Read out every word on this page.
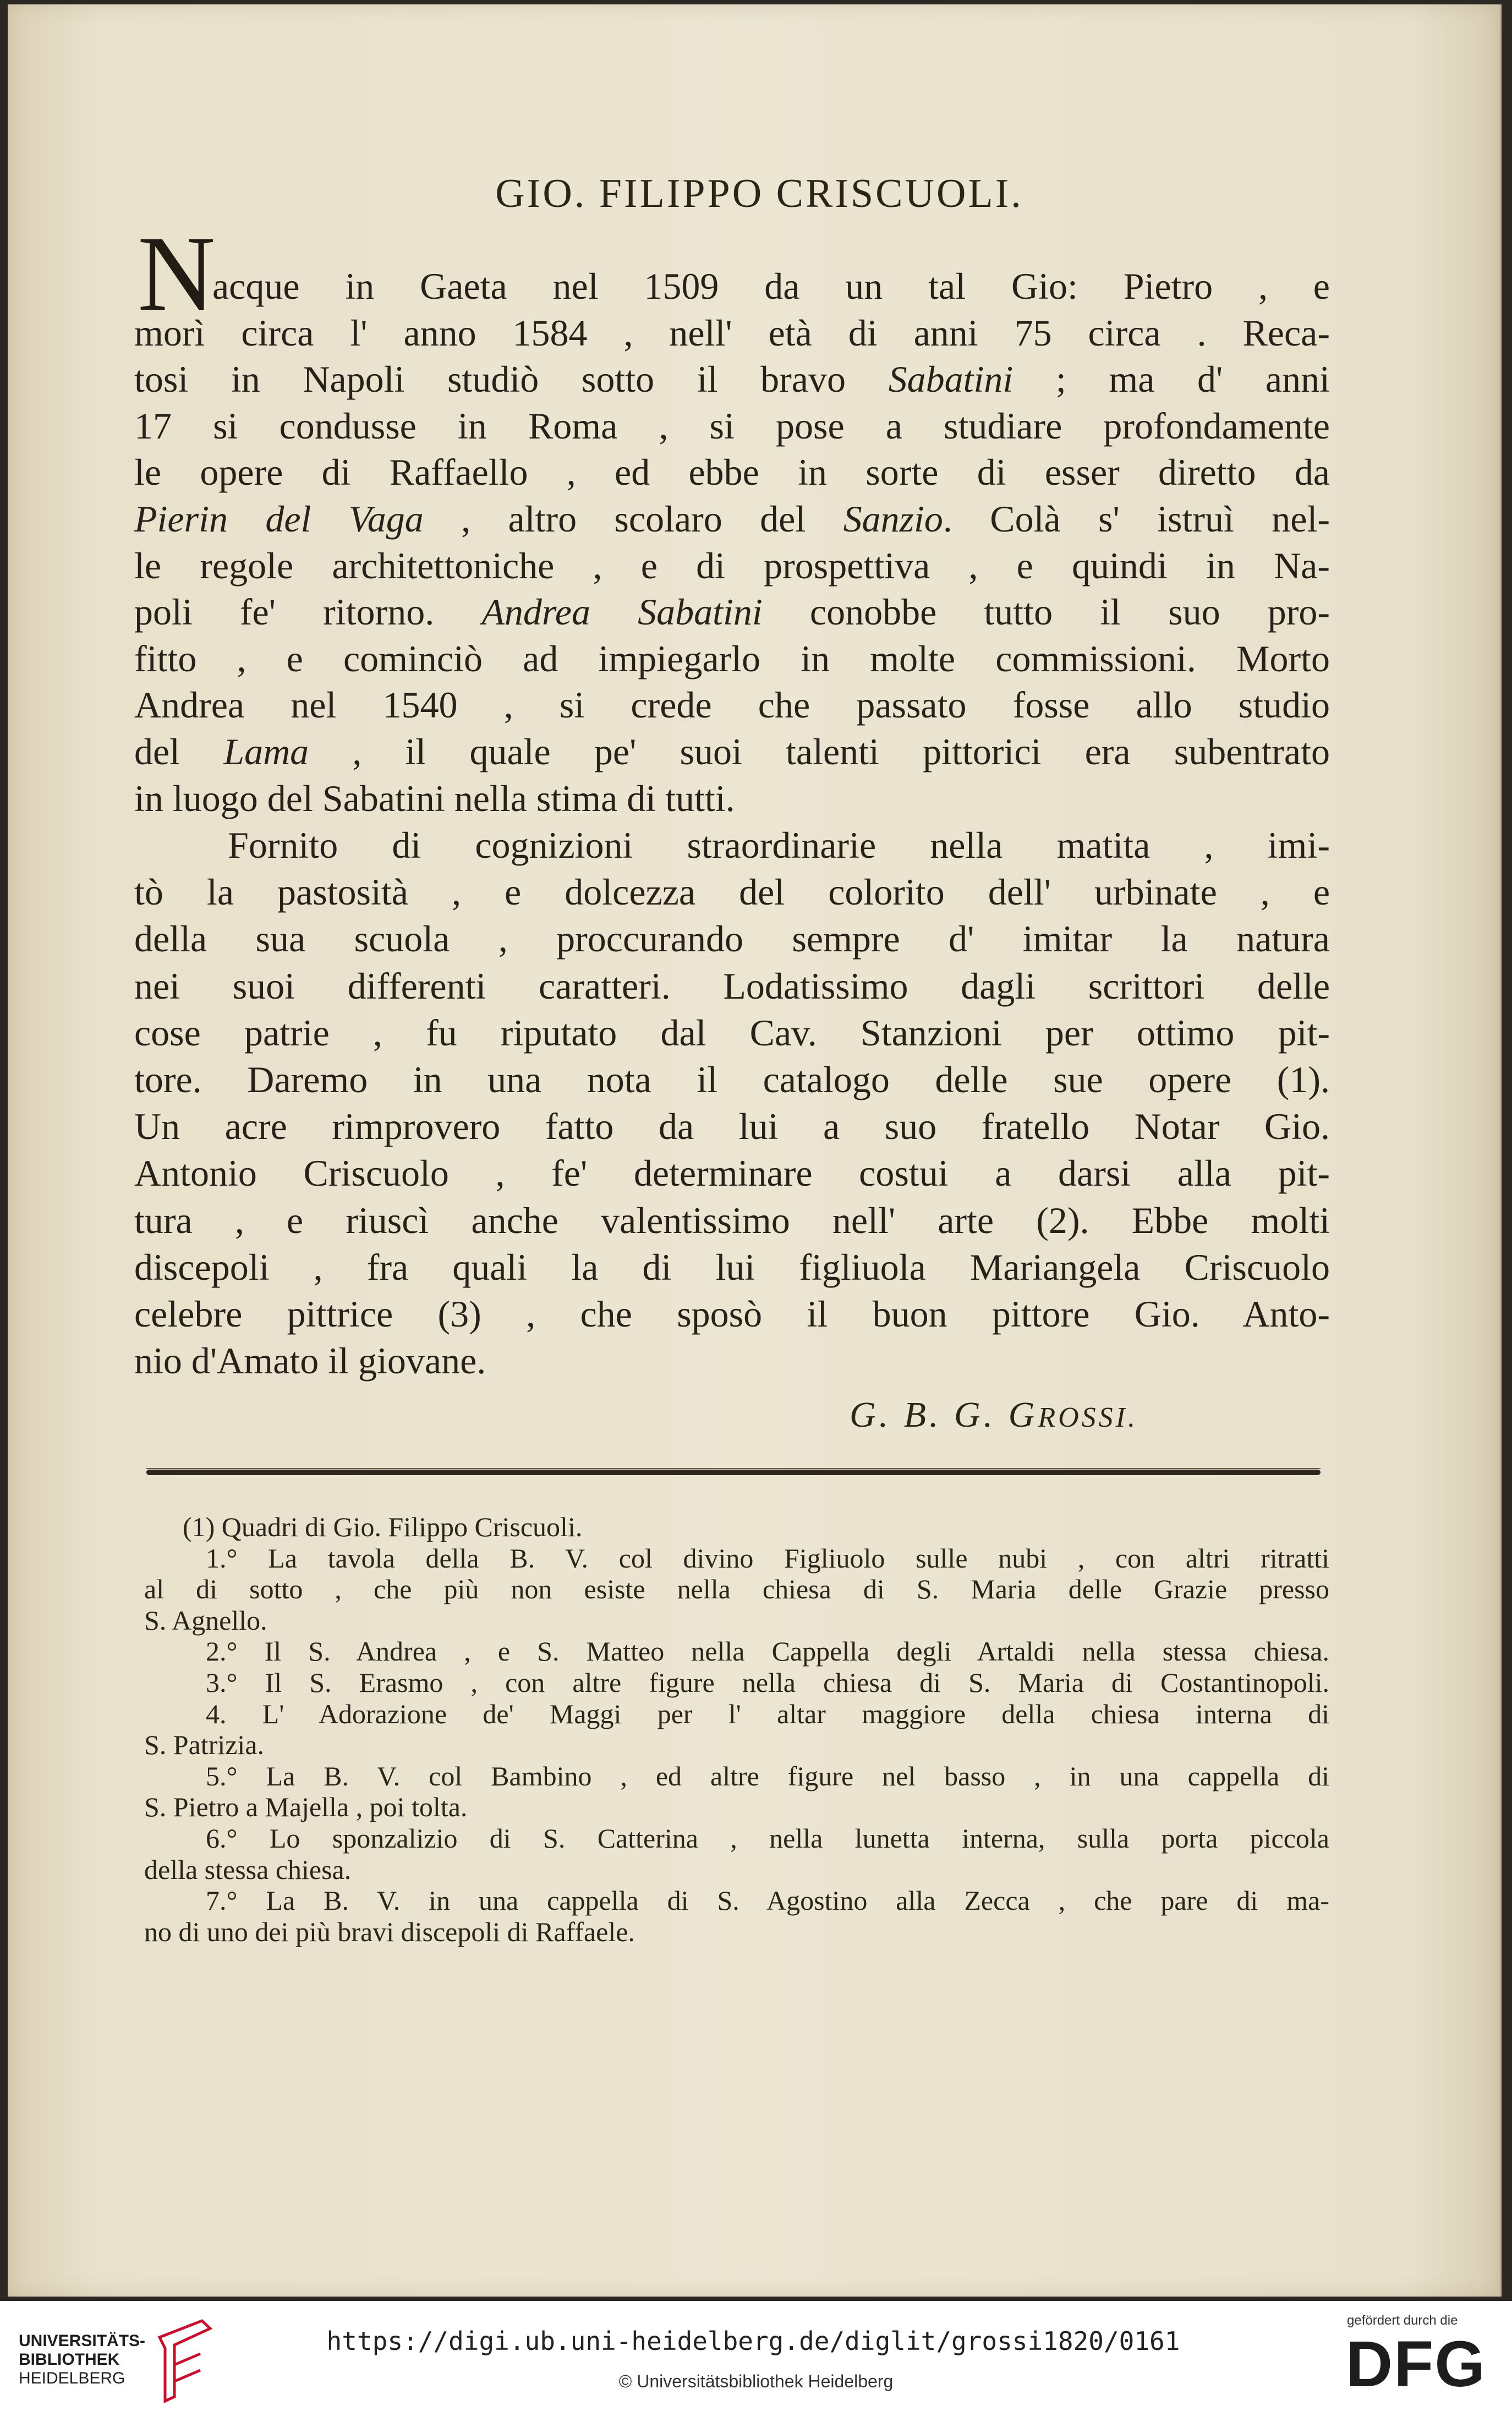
GIO. FILIPPO CRISCUOLI.
N
acque in Gaeta nel 1509 da un tal Gio: Pietro , e
morì circa l' anno 1584 , nell' età di anni 75 circa . Reca-
tosi in Napoli studiò sotto il bravo Sabatini ; ma d' anni
17 si condusse in Roma , si pose a studiare profondamente
le opere di Raffaello , ed ebbe in sorte di esser diretto da
Pierin del Vaga , altro scolaro del Sanzio. Colà s' istruì nel-
le regole architettoniche , e di prospettiva , e quindi in Na-
poli fe' ritorno. Andrea Sabatini conobbe tutto il suo pro-
fitto , e cominciò ad impiegarlo in molte commissioni. Morto
Andrea nel 1540 , si crede che passato fosse allo studio
del Lama , il quale pe' suoi talenti pittorici era subentrato
in luogo del Sabatini nella stima di tutti.
Fornito di cognizioni straordinarie nella matita , imi-
tò la pastosità , e dolcezza del colorito dell' urbinate , e
della sua scuola , proccurando sempre d' imitar la natura
nei suoi differenti caratteri. Lodatissimo dagli scrittori delle
cose patrie , fu riputato dal Cav. Stanzioni per ottimo pit-
tore. Daremo in una nota il catalogo delle sue opere (1).
Un acre rimprovero fatto da lui a suo fratello Notar Gio.
Antonio Criscuolo , fe' determinare costui a darsi alla pit-
tura , e riuscì anche valentissimo nell' arte (2). Ebbe molti
discepoli , fra quali la di lui figliuola Mariangela Criscuolo
celebre pittrice (3) , che sposò il buon pittore Gio. Anto-
nio d'Amato il giovane.
G. B. G. GROSSI.
(1) Quadri di Gio. Filippo Criscuoli.
1.° La tavola della B. V. col divino Figliuolo sulle nubi , con altri ritratti
al di sotto , che più non esiste nella chiesa di S. Maria delle Grazie presso
S. Agnello.
2.° Il S. Andrea , e S. Matteo nella Cappella degli Artaldi nella stessa chiesa.
3.° Il S. Erasmo , con altre figure nella chiesa di S. Maria di Costantinopoli.
4. L' Adorazione de' Maggi per l' altar maggiore della chiesa interna di
S. Patrizia.
5.° La B. V. col Bambino , ed altre figure nel basso , in una cappella di
S. Pietro a Majella , poi tolta.
6.° Lo sponzalizio di S. Catterina , nella lunetta interna, sulla porta piccola
della stessa chiesa.
7.° La B. V. in una cappella di S. Agostino alla Zecca , che pare di ma-
no di uno dei più bravi discepoli di Raffaele.
UNIVERSITÄTS-
BIBLIOTHEK
HEIDELBERG
https://digi.ub.uni-heidelberg.de/diglit/grossi1820/0161
© Universitätsbibliothek Heidelberg
gefördert durch die
DFG
